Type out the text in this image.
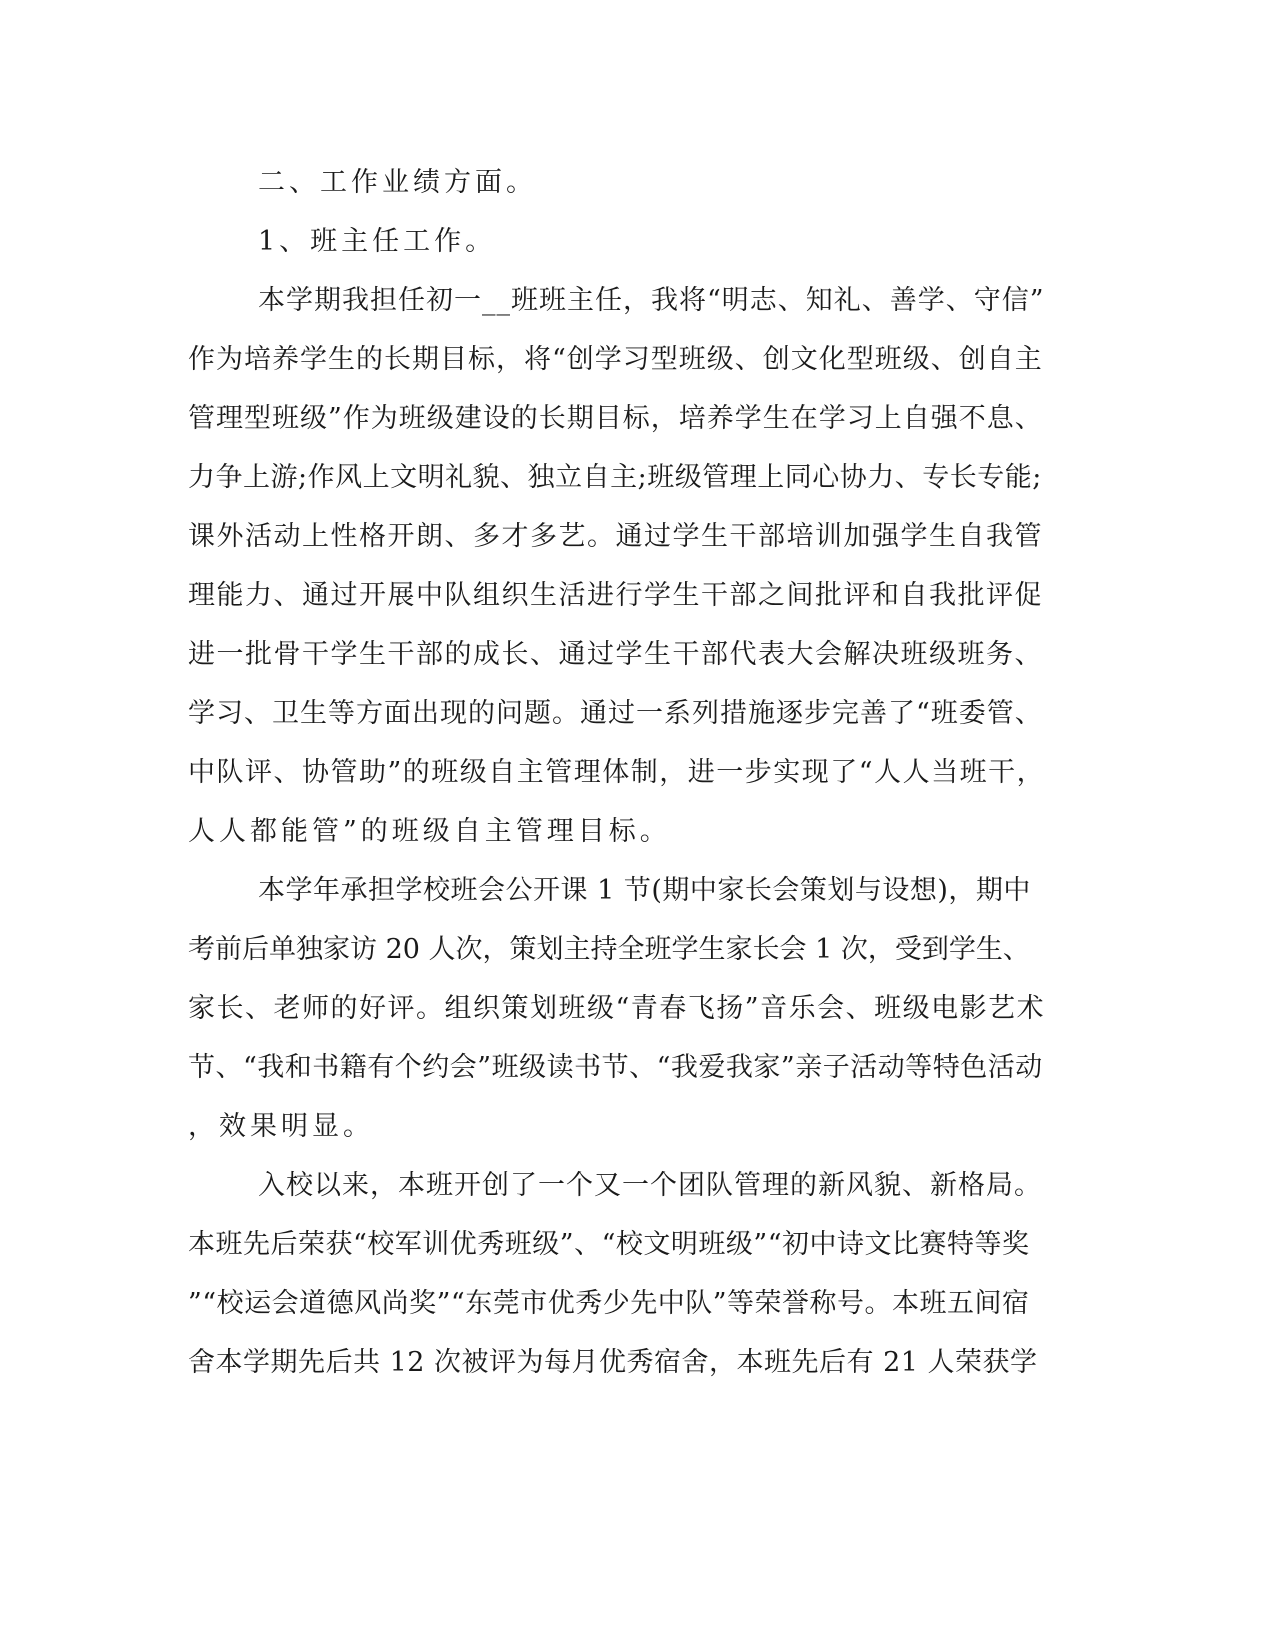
二、工作业绩方面。
1、班主任工作。
本学期我担任初一__班班主任，我将“明志、知礼、善学、守信”
作为培养学生的长期目标，将“创学习型班级、创文化型班级、创自主
管理型班级”作为班级建设的长期目标，培养学生在学习上自强不息、
力争上游;作风上文明礼貌、独立自主;班级管理上同心协力、专长专能;
课外活动上性格开朗、多才多艺。通过学生干部培训加强学生自我管
理能力、通过开展中队组织生活进行学生干部之间批评和自我批评促
进一批骨干学生干部的成长、通过学生干部代表大会解决班级班务、
学习、卫生等方面出现的问题。通过一系列措施逐步完善了“班委管、
中队评、协管助”的班级自主管理体制，进一步实现了“人人当班干，
人人都能管”的班级自主管理目标。
本学年承担学校班会公开课 1 节(期中家长会策划与设想)，期中
考前后单独家访 20 人次，策划主持全班学生家长会 1 次，受到学生、
家长、老师的好评。组织策划班级“青春飞扬”音乐会、班级电影艺术
节、“我和书籍有个约会”班级读书节、“我爱我家”亲子活动等特色活动
，效果明显。
入校以来，本班开创了一个又一个团队管理的新风貌、新格局。
本班先后荣获“校军训优秀班级”、“校文明班级”“初中诗文比赛特等奖
”“校运会道德风尚奖”“东莞市优秀少先中队”等荣誉称号。本班五间宿
舍本学期先后共 12 次被评为每月优秀宿舍，本班先后有 21 人荣获学
